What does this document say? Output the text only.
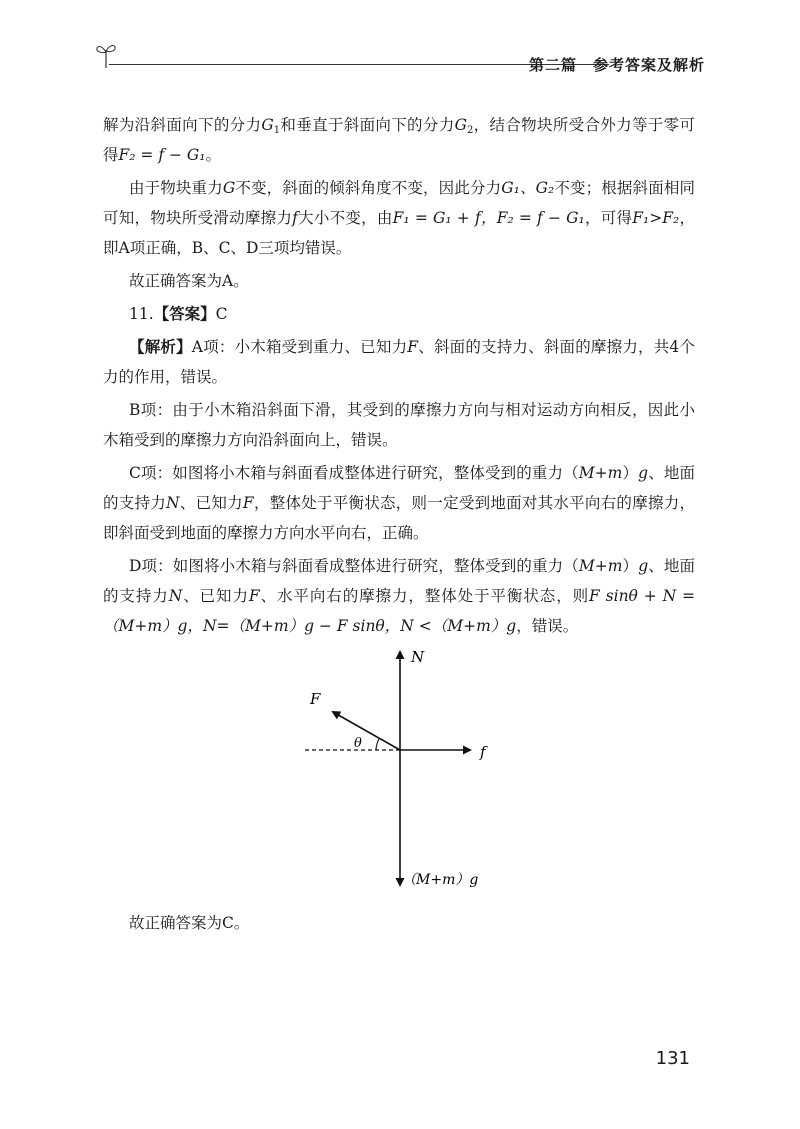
第二篇　参考答案及解析

解为沿斜面向下的分力$G_1$和垂直于斜面向下的分力$G_2$，结合物块所受合外力等于零可得F₂ = f − G₁。

由于物块重力G不变，斜面的倾斜角度不变，因此分力G₁、G₂不变；根据斜面相同可知，物块所受滑动摩擦力f大小不变，由F₁ = G₁ + f，F₂ = f − G₁，可得F₁>F₂，即A项正确，B、C、D三项均错误。

故正确答案为A。

11.【答案】C

【解析】A项：小木箱受到重力、已知力F、斜面的支持力、斜面的摩擦力，共4个力的作用，错误。

B项：由于小木箱沿斜面下滑，其受到的摩擦力方向与相对运动方向相反，因此小木箱受到的摩擦力方向沿斜面向上，错误。

C项：如图将小木箱与斜面看成整体进行研究，整体受到的重力（M+m）g、地面的支持力N、已知力F，整体处于平衡状态，则一定受到地面对其水平向右的摩擦力，即斜面受到地面的摩擦力方向水平向右，正确。

D项：如图将小木箱与斜面看成整体进行研究，整体受到的重力（M+m）g、地面的支持力N、已知力F、水平向右的摩擦力，整体处于平衡状态，则F sinθ + N = （M+m）g，N=（M+m）g − F sinθ，N <（M+m）g，错误。

N
F
θ	f
（M+m）g
故正确答案为C。
131
